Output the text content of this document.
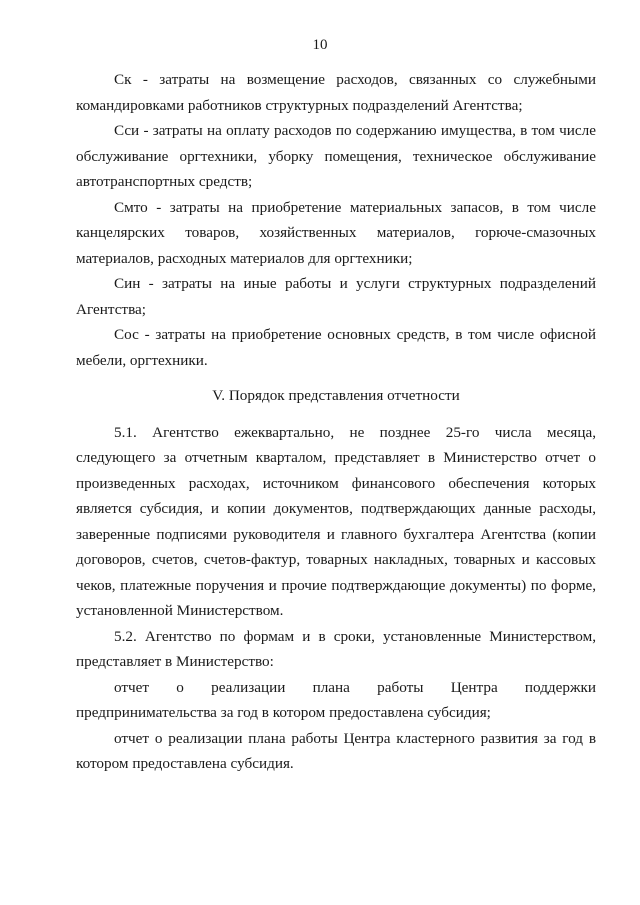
10

Ск - затраты на возмещение расходов, связанных со служебными командировками работников структурных подразделений Агентства;

Сси - затраты на оплату расходов по содержанию имущества, в том числе обслуживание оргтехники, уборку помещения, техническое обслуживание автотранспортных средств;

Смто - затраты на приобретение материальных запасов, в том числе канцелярских товаров, хозяйственных материалов, горюче-смазочных материалов, расходных материалов для оргтехники;

Син - затраты на иные работы и услуги структурных подразделений Агентства;

Сос - затраты на приобретение основных средств, в том числе офисной мебели, оргтехники.

V. Порядок представления отчетности

5.1. Агентство ежеквартально, не позднее 25-го числа месяца, следующего за отчетным кварталом, представляет в Министерство отчет о произведенных расходах, источником финансового обеспечения которых является субсидия, и копии документов, подтверждающих данные расходы, заверенные подписями руководителя и главного бухгалтера Агентства (копии договоров, счетов, счетов-фактур, товарных накладных, товарных и кассовых чеков, платежные поручения и прочие подтверждающие документы) по форме, установленной Министерством.

5.2. Агентство по формам и в сроки, установленные Министерством, представляет в Министерство:

отчет о реализации плана работы Центра поддержки предпринимательства за год в котором предоставлена субсидия;

отчет о реализации плана работы Центра кластерного развития за год в котором предоставлена субсидия.
